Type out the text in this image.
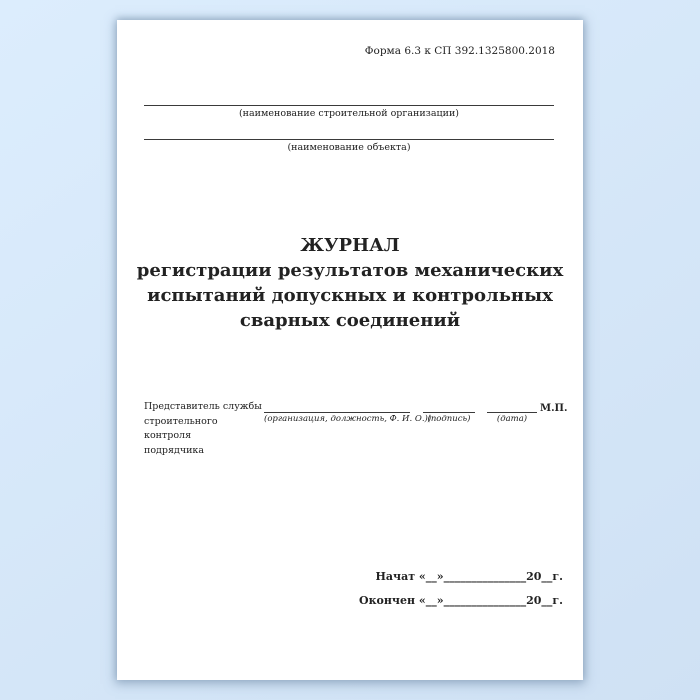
Форма 6.3 к СП 392.1325800.2018
(наименование строительной организации)
(наименование объекта)
ЖУРНАЛ
регистрации результатов механических
испытаний допускных и контрольных
сварных соединений
Представитель службы
строительного контроля
подрядчика
(организация, должность, Ф. И. О.))
(подпись)	(дата)
М.П.
Начат «__»_______________20__г.
Окончен «__»_______________20__г.
